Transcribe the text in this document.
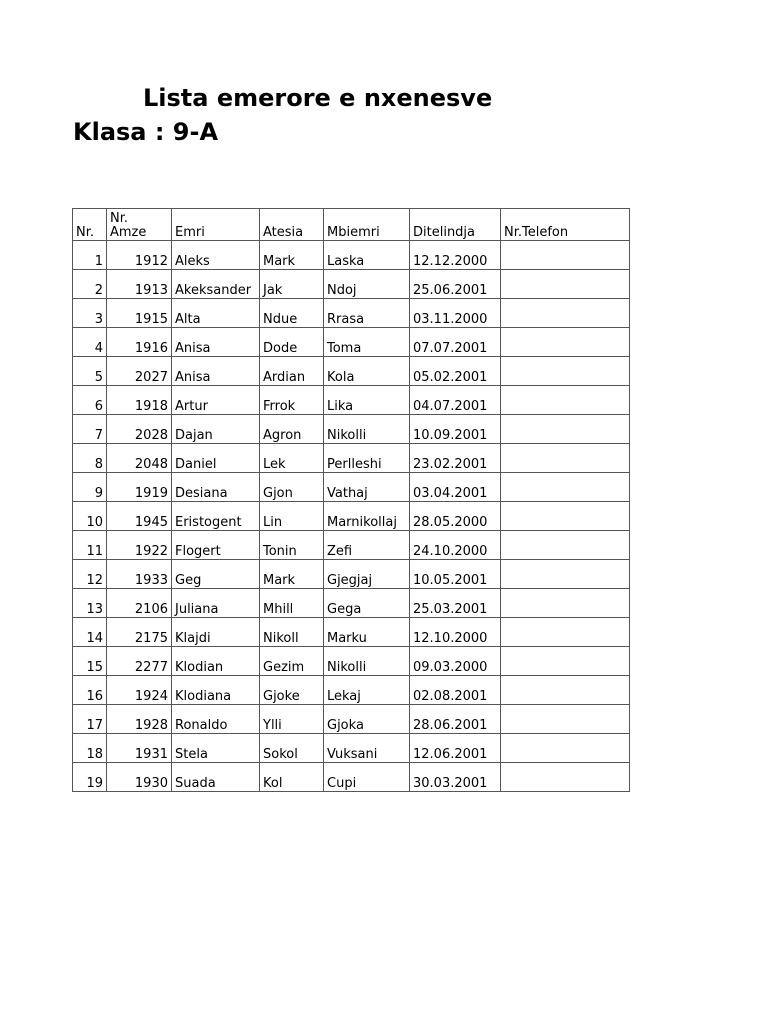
Lista emerore e nxenesve
Klasa : 9-A
Nr.	Nr. Amze	Emri	Atesia	Mbiemri	Ditelindja	Nr.Telefon
1	1912	Aleks	Mark	Laska	12.12.2000	
2	1913	Akeksander	Jak	Ndoj	25.06.2001	
3	1915	Alta	Ndue	Rrasa	03.11.2000	
4	1916	Anisa	Dode	Toma	07.07.2001	
5	2027	Anisa	Ardian	Kola	05.02.2001	
6	1918	Artur	Frrok	Lika	04.07.2001	
7	2028	Dajan	Agron	Nikolli	10.09.2001	
8	2048	Daniel	Lek	Perlleshi	23.02.2001	
9	1919	Desiana	Gjon	Vathaj	03.04.2001	
10	1945	Eristogent	Lin	Marnikollaj	28.05.2000	
11	1922	Flogert	Tonin	Zefi	24.10.2000	
12	1933	Geg	Mark	Gjegjaj	10.05.2001	
13	2106	Juliana	Mhill	Gega	25.03.2001	
14	2175	Klajdi	Nikoll	Marku	12.10.2000	
15	2277	Klodian	Gezim	Nikolli	09.03.2000	
16	1924	Klodiana	Gjoke	Lekaj	02.08.2001	
17	1928	Ronaldo	Ylli	Gjoka	28.06.2001	
18	1931	Stela	Sokol	Vuksani	12.06.2001	
19	1930	Suada	Kol	Cupi	30.03.2001	
